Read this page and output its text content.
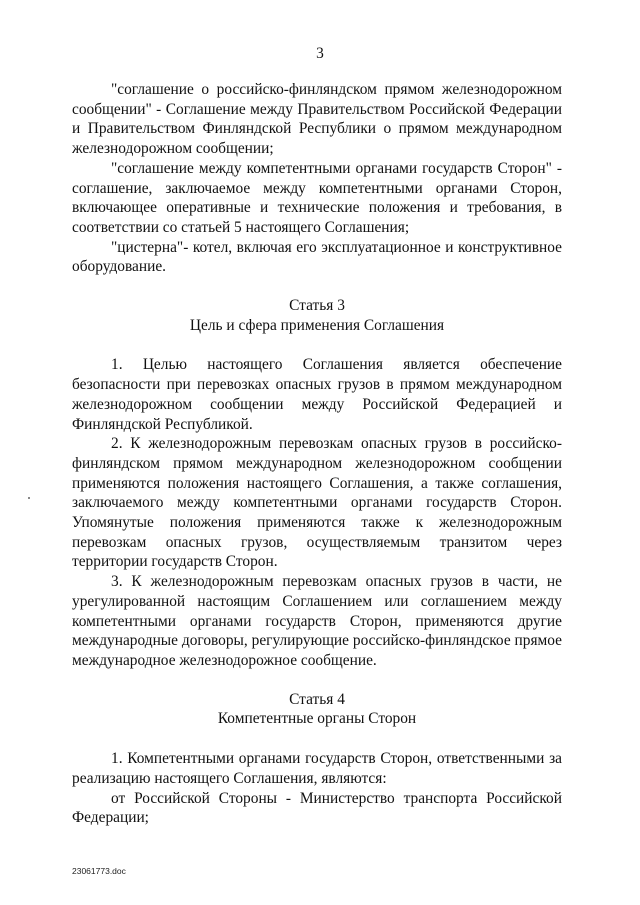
3

"соглашение о российско-финляндском прямом железнодорожном сообщении" - Соглашение между Правительством Российской Федерации и Правительством Финляндской Республики о прямом международном железнодорожном сообщении;

"соглашение между компетентными органами государств Сторон" - соглашение, заключаемое между компетентными органами Сторон, включающее оперативные и технические положения и требования, в соответствии со статьей 5 настоящего Соглашения;

"цистерна"- котел, включая его эксплуатационное и конструктивное оборудование.

Статья 3

Цель и сфера применения Соглашения

1. Целью настоящего Соглашения является обеспечение безопасности при перевозках опасных грузов в прямом международном железнодорожном сообщении между Российской Федерацией и Финляндской Республикой.

2. К железнодорожным перевозкам опасных грузов в российско-финляндском прямом международном железнодорожном сообщении применяются положения настоящего Соглашения, а также соглашения, заключаемого между компетентными органами государств Сторон. Упомянутые положения применяются также к железнодорожным перевозкам опасных грузов, осуществляемым транзитом через территории государств Сторон.

3. К железнодорожным перевозкам опасных грузов в части, не урегулированной настоящим Соглашением или соглашением между компетентными органами государств Сторон, применяются другие международные договоры, регулирующие российско-финляндское прямое международное железнодорожное сообщение.

Статья 4

Компетентные органы Сторон

1. Компетентными органами государств Сторон, ответственными за реализацию настоящего Соглашения, являются:

от Российской Стороны - Министерство транспорта Российской Федерации;

23061773.doc
